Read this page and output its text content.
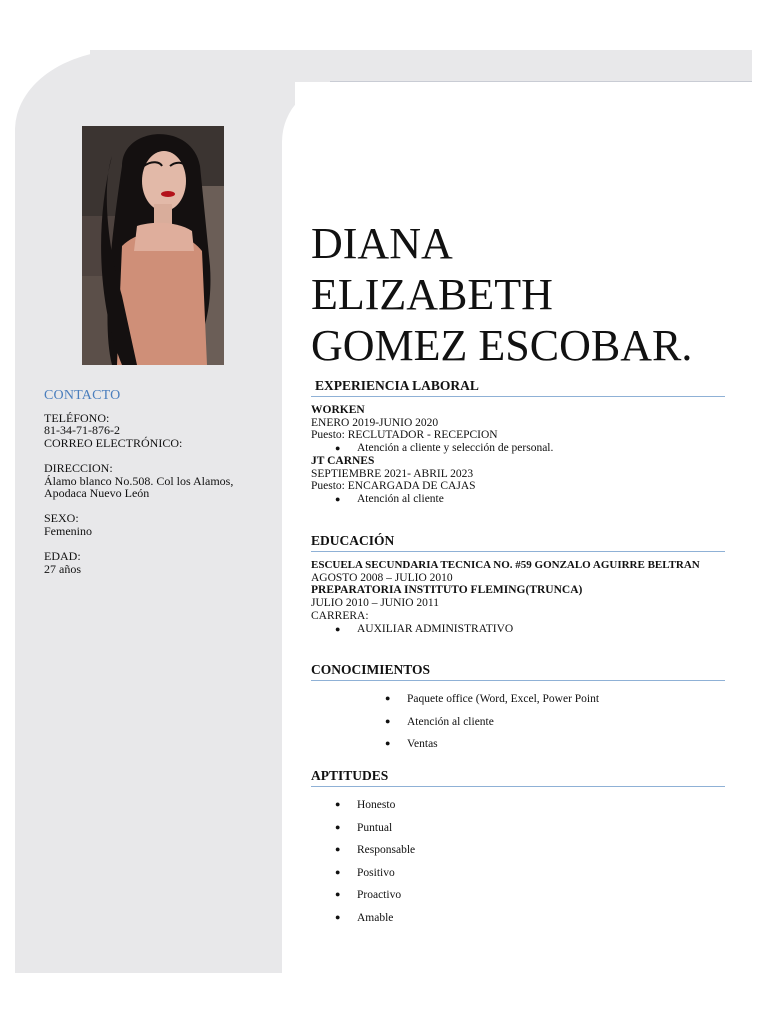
CONTACTO

TELÉFONO:

81-34-71-876-2

CORREO ELECTRÓNICO:

DIRECCION:

Álamo blanco No.508. Col los Alamos,

Apodaca Nuevo León

SEXO:

Femenino

EDAD:

27 años

DIANA
ELIZABETH
GOMEZ ESCOBAR.
EXPERIENCIA LABORAL

WORKEN

ENERO 2019-JUNIO 2020

Puesto: RECLUTADOR - RECEPCION

● Atención a cliente y selección de personal.

JT CARNES

SEPTIEMBRE 2021- ABRIL 2023

Puesto: ENCARGADA DE CAJAS

● Atención al cliente
EDUCACIÓN

ESCUELA SECUNDARIA TECNICA NO. #59 GONZALO AGUIRRE BELTRAN

AGOSTO 2008 – JULIO 2010

PREPARATORIA INSTITUTO FLEMING(TRUNCA)

JULIO 2010 – JUNIO 2011

CARRERA:

● AUXILIAR ADMINISTRATIVO
CONOCIMIENTOS
● Paquete office (Word, Excel, Power Point
● Atención al cliente
● Ventas
APTITUDES
● Honesto
● Puntual
● Responsable
● Positivo
● Proactivo
● Amable
